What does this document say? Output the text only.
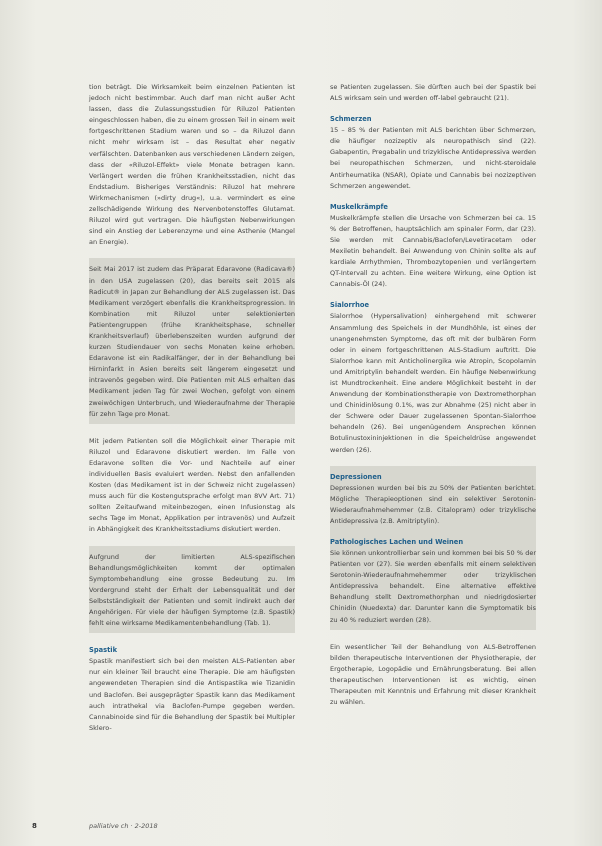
tion beträgt. Die Wirksamkeit beim einzelnen Patienten ist jedoch nicht bestimmbar. Auch darf man nicht außer Acht lassen, dass die Zulassungsstudien für Riluzol Patienten eingeschlossen haben, die zu einem grossen Teil in einem weit fortgeschrittenen Stadium waren und so – da Riluzol dann nicht mehr wirksam ist – das Resultat eher negativ verfälschten. Datenbanken aus verschiedenen Ländern zeigen, dass der «Riluzol-Effekt» viele Monate betragen kann. Verlängert werden die frühen Krankheitsstadien, nicht das Endstadium. Bisheriges Verständnis: Riluzol hat mehrere Wirkmechanismen (»dirty drug«), u.a. vermindert es eine zellschädigende Wirkung des Nervenbotenstoffes Glutamat. Riluzol wird gut vertragen. Die häufigsten Nebenwirkungen sind ein Anstieg der Leberenzyme und eine Asthenie (Mangel an Energie).

Seit Mai 2017 ist zudem das Präparat Edaravone (Radicava®) in den USA zugelassen (20), das bereits seit 2015 als Radicut® in Japan zur Behandlung der ALS zugelassen ist. Das Medikament verzögert ebenfalls die Krankheitsprogression. In Kombination mit Riluzol unter selektionierten Patientengruppen (frühe Krankheitsphase, schneller Krankheitsverlauf) überlebenszeiten wurden aufgrund der kurzen Studiendauer von sechs Monaten keine erhoben. Edaravone ist ein Radikalfänger, der in der Behandlung bei Hirninfarkt in Asien bereits seit längerem eingesetzt und intravenös gegeben wird. Die Patienten mit ALS erhalten das Medikament jeden Tag für zwei Wochen, gefolgt von einem zweiwöchigen Unterbruch, und Wiederaufnahme der Therapie für zehn Tage pro Monat.

Mit jedem Patienten soll die Möglichkeit einer Therapie mit Riluzol und Edaravone diskutiert werden. Im Falle von Edaravone sollten die Vor- und Nachteile auf einer individuellen Basis evaluiert werden. Nebst den anfallenden Kosten (das Medikament ist in der Schweiz nicht zugelassen) muss auch für die Kostengutsprache erfolgt man 8VV Art. 71) sollten Zeitaufwand miteinbezogen, einen Infusionstag als sechs Tage im Monat, Applikation per intravenös) und Aufzeit in Abhängigkeit des Krankheitsstadiums diskutiert werden.

Aufgrund der limitierten ALS-spezifischen Behandlungsmöglichkeiten kommt der optimalen Symptombehandlung eine grosse Bedeutung zu. Im Vordergrund steht der Erhalt der Lebensqualität und der Selbstständigkeit der Patienten und somit indirekt auch der Angehörigen. Für viele der häufigen Symptome (z.B. Spastik) fehlt eine wirksame Medikamentenbehandlung (Tab. 1).

Spastik

Spastik manifestiert sich bei den meisten ALS-Patienten aber nur ein kleiner Teil braucht eine Therapie. Die am häufigsten angewendeten Therapien sind die Antispastika wie Tizanidin und Baclofen. Bei ausgeprägter Spastik kann das Medikament auch intrathekal via Baclofen-Pumpe gegeben werden. Cannabinoide sind für die Behandlung der Spastik bei Multipler Sklero-

se Patienten zugelassen. Sie dürften auch bei der Spastik bei ALS wirksam sein und werden off-label gebraucht (21).

Schmerzen

15 – 85 % der Patienten mit ALS berichten über Schmerzen, die häufiger nozizeptiv als neuropathisch sind (22). Gabapentin, Pregabalin und trizyklische Antidepressiva werden bei neuropathischen Schmerzen, und nicht-steroidale Antirheumatika (NSAR), Opiate und Cannabis bei nozizeptiven Schmerzen angewendet.

Muskelkrämpfe

Muskelkrämpfe stellen die Ursache von Schmerzen bei ca. 15 % der Betroffenen, hauptsächlich am spinaler Form, dar (23). Sie werden mit Cannabis/Baclofen/Levetiracetam oder Mexiletin behandelt. Bei Anwendung von Chinin sollte als auf kardiale Arrhythmien, Thrombozytopenien und verlängertem QT-Intervall zu achten. Eine weitere Wirkung, eine Option ist Cannabis-Öl (24).

Sialorrhoe

Sialorrhoe (Hypersalivation) einhergehend mit schwerer Ansammlung des Speichels in der Mundhöhle, ist eines der unangenehmsten Symptome, das oft mit der bulbären Form oder in einem fortgeschrittenen ALS-Stadium auftritt. Die Sialorrhoe kann mit Anticholinergika wie Atropin, Scopolamin und Amitriptylin behandelt werden. Ein häufige Nebenwirkung ist Mundtrockenheit. Eine andere Möglichkeit besteht in der Anwendung der Kombinationstherapie von Dextromethorphan und Chinidinlösung 0.1%, was zur Abnahme (25) nicht aber in der Schwere oder Dauer zugelassenen Spontan-Sialorrhoe behandeln (26). Bei ungenügendem Ansprechen können Botulinustoxininjektionen in die Speicheldrüse angewendet werden (26).

Depressionen

Depressionen wurden bei bis zu 50% der Patienten berichtet. Mögliche Therapieoptionen sind ein selektiver Serotonin-Wiederaufnahmehemmer (z.B. Citalopram) oder trizyklische Antidepressiva (z.B. Amitriptylin).

Pathologisches Lachen und Weinen

Sie können unkontrollierbar sein und kommen bei bis 50 % der Patienten vor (27). Sie werden ebenfalls mit einem selektiven Serotonin-Wiederaufnahmehemmer oder trizyklischen Antidepressiva behandelt. Eine alternative effektive Behandlung stellt Dextromethorphan und niedrigdosierter Chinidin (Nuedexta) dar. Darunter kann die Symptomatik bis zu 40 % reduziert werden (28).

Ein wesentlicher Teil der Behandlung von ALS-Betroffenen bilden therapeutische Interventionen der Physiotherapie, der Ergotherapie, Logopädie und Ernährungsberatung. Bei allen therapeutischen Interventionen ist es wichtig, einen Therapeuten mit Kenntnis und Erfahrung mit dieser Krankheit zu wählen.

8	palliative ch · 2-2018
